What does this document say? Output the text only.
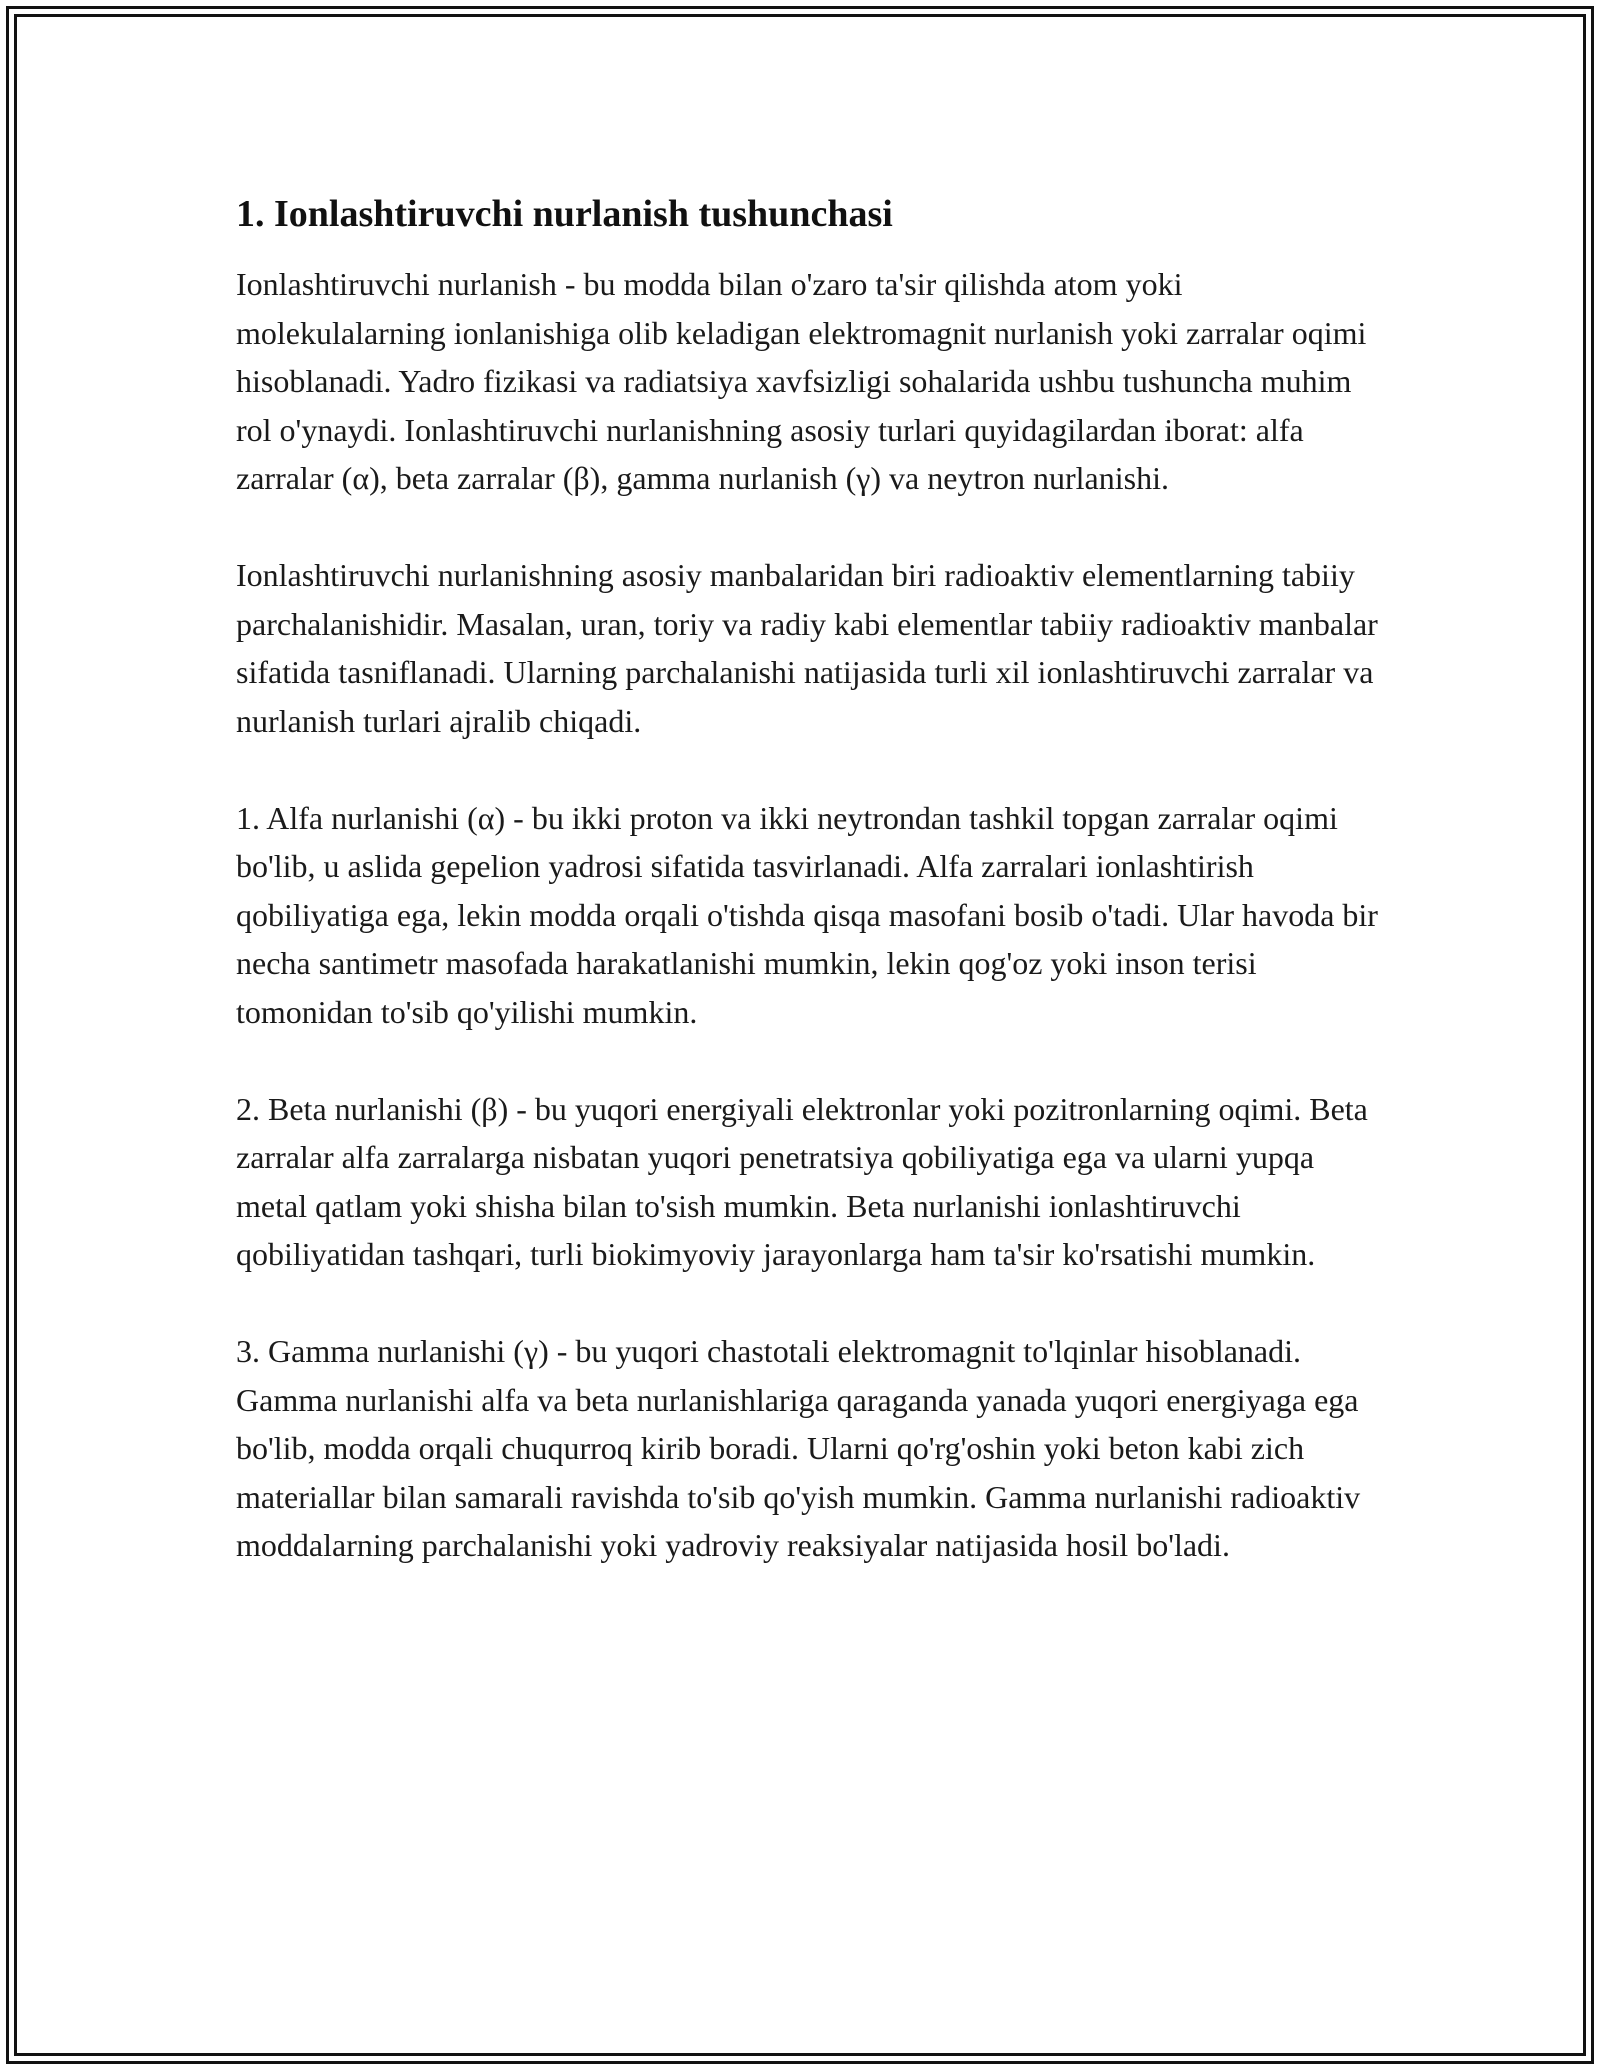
1. Ionlashtiruvchi nurlanish tushunchasi

Ionlashtiruvchi nurlanish - bu modda bilan o'zaro ta'sir qilishda atom yoki molekulalarning ionlanishiga olib keladigan elektromagnit nurlanish yoki zarralar oqimi hisoblanadi. Yadro fizikasi va radiatsiya xavfsizligi sohalarida ushbu tushuncha muhim rol o'ynaydi. Ionlashtiruvchi nurlanishning asosiy turlari quyidagilardan iborat: alfa zarralar (α), beta zarralar (β), gamma nurlanish (γ) va neytron nurlanishi.

Ionlashtiruvchi nurlanishning asosiy manbalaridan biri radioaktiv elementlarning tabiiy parchalanishidir. Masalan, uran, toriy va radiy kabi elementlar tabiiy radioaktiv manbalar sifatida tasniflanadi. Ularning parchalanishi natijasida turli xil ionlashtiruvchi zarralar va nurlanish turlari ajralib chiqadi.

1. Alfa nurlanishi (α) - bu ikki proton va ikki neytrondan tashkil topgan zarralar oqimi bo'lib, u aslida gepelion yadrosi sifatida tasvirlanadi. Alfa zarralari ionlashtirish qobiliyatiga ega, lekin modda orqali o'tishda qisqa masofani bosib o'tadi. Ular havoda bir necha santimetr masofada harakatlanishi mumkin, lekin qog'oz yoki inson terisi tomonidan to'sib qo'yilishi mumkin.

2. Beta nurlanishi (β) - bu yuqori energiyali elektronlar yoki pozitronlarning oqimi. Beta zarralar alfa zarralarga nisbatan yuqori penetratsiya qobiliyatiga ega va ularni yupqa metal qatlam yoki shisha bilan to'sish mumkin. Beta nurlanishi ionlashtiruvchi qobiliyatidan tashqari, turli biokimyoviy jarayonlarga ham ta'sir ko'rsatishi mumkin.

3. Gamma nurlanishi (γ) - bu yuqori chastotali elektromagnit to'lqinlar hisoblanadi. Gamma nurlanishi alfa va beta nurlanishlariga qaraganda yanada yuqori energiyaga ega bo'lib, modda orqali chuqurroq kirib boradi. Ularni qo'rg'oshin yoki beton kabi zich materiallar bilan samarali ravishda to'sib qo'yish mumkin. Gamma nurlanishi radioaktiv moddalarning parchalanishi yoki yadroviy reaksiyalar natijasida hosil bo'ladi.
